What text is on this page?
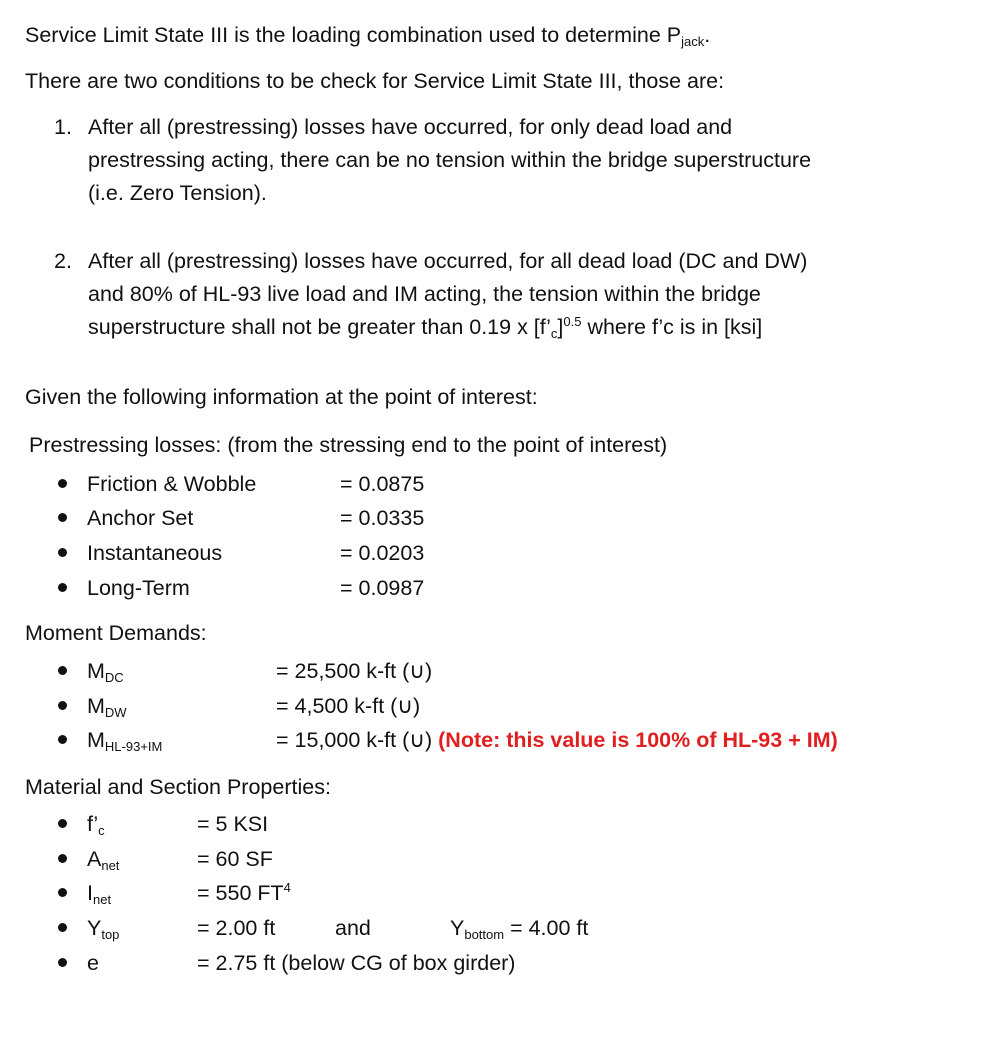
Service Limit State III is the loading combination used to determine $P_{jack}$.
There are two conditions to be check for Service Limit State III, those are:
1. After all (prestressing) losses have occurred, for only dead load and
prestressing acting, there can be no tension within the bridge superstructure
(i.e. Zero Tension).
2. After all (prestressing) losses have occurred, for all dead load (DC and DW)
and 80% of HL-93 live load and IM acting, the tension within the bridge
superstructure shall not be greater than 0.19 x $[f’_c]^{0.5}$ where f’c is in [ksi]
Given the following information at the point of interest:
Prestressing losses: (from the stressing end to the point of interest)
Friction & Wobble	= 0.0875
Anchor Set	= 0.0335
Instantaneous	= 0.0203
Long-Term	= 0.0987
Moment Demands:
$M_{DC}$	= 25,500 k-ft (∪)
$M_{DW}$	= 4,500 k-ft (∪)
$M_{HL-93+IM}$	= 15,000 k-ft (∪) (Note: this value is 100% of HL-93 + IM)
Material and Section Properties:
$f’_c$	= 5 KSI
$A_{net}$	= 60 SF
$I_{net}$	= 550 $FT^4$
$Y_{top}$	= 2.00 ft	and	$Y_{bottom} = 4.00$ ft
e	= 2.75 ft (below CG of box girder)
